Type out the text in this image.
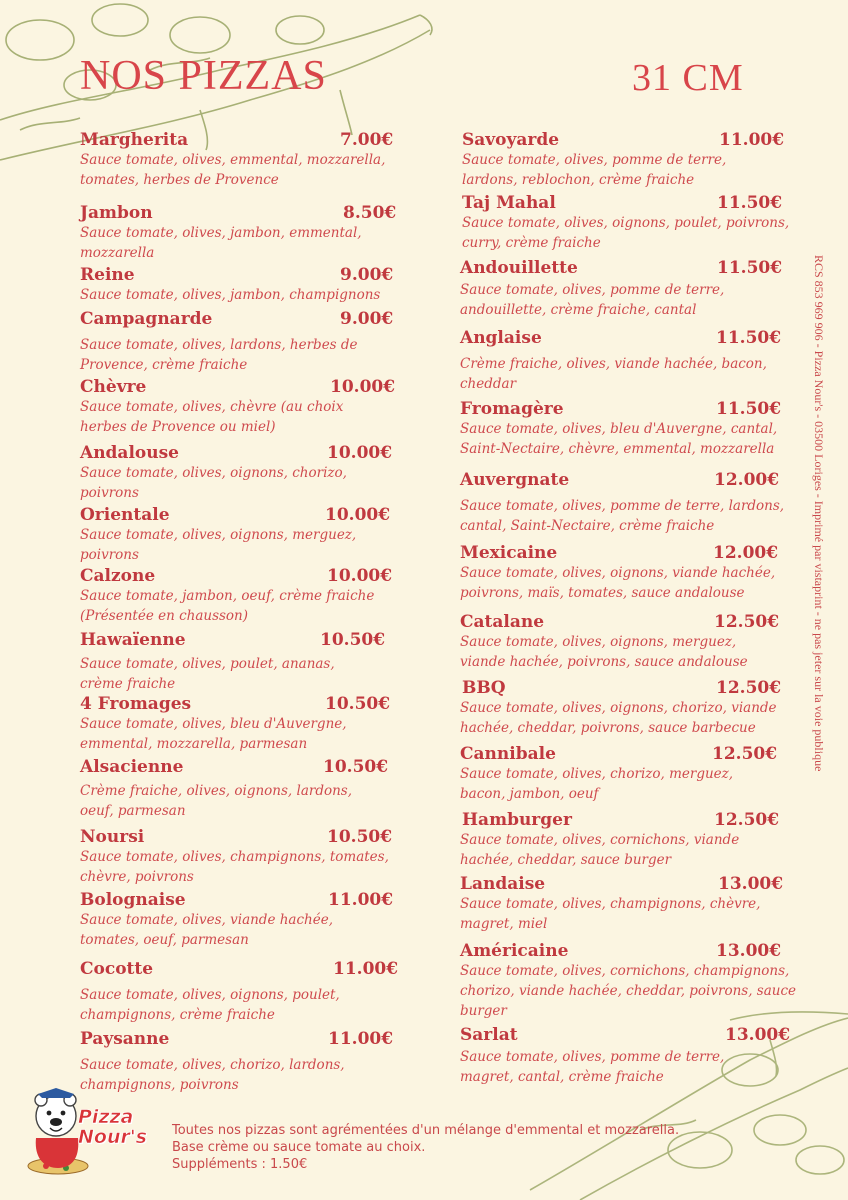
NOS PIZZAS	31 CM
Margherita	7.00€
Sauce tomate, olives, emmental, mozzarella, tomates, herbes de Provence
Jambon	8.50€
Sauce tomate, olives, jambon, emmental, mozzarella
Reine	9.00€
Sauce tomate, olives, jambon, champignons
Campagnarde	9.00€
Sauce tomate, olives, lardons, herbes de Provence, crème fraiche
Chèvre	10.00€
Sauce tomate, olives, chèvre (au choix herbes de Provence ou miel)
Andalouse	10.00€
Sauce tomate, olives, oignons, chorizo, poivrons
Orientale	10.00€
Sauce tomate, olives, oignons, merguez, poivrons
Calzone	10.00€
Sauce tomate, jambon, oeuf, crème fraiche (Présentée en chausson)
Hawaïenne	10.50€
Sauce tomate, olives, poulet, ananas, crème fraiche
4 Fromages	10.50€
Sauce tomate, olives, bleu d'Auvergne, emmental, mozzarella, parmesan
Alsacienne	10.50€
Crème fraiche, olives, oignons, lardons, oeuf, parmesan
Noursi	10.50€
Sauce tomate, olives, champignons, tomates, chèvre, poivrons
Bolognaise	11.00€
Sauce tomate, olives, viande hachée, tomates, oeuf, parmesan
Cocotte	11.00€
Sauce tomate, olives, oignons, poulet, champignons, crème fraiche
Paysanne	11.00€
Sauce tomate, olives, chorizo, lardons, champignons, poivrons
Savoyarde	11.00€
Sauce tomate, olives, pomme de terre, lardons, reblochon, crème fraiche
Taj Mahal	11.50€
Sauce tomate, olives, oignons, poulet, poivrons, curry, crème fraiche
Andouillette	11.50€
Sauce tomate, olives, pomme de terre, andouillette, crème fraiche, cantal
Anglaise	11.50€
Crème fraiche, olives, viande hachée, bacon, cheddar
Fromagère	11.50€
Sauce tomate, olives, bleu d'Auvergne, cantal, Saint-Nectaire, chèvre, emmental, mozzarella
Auvergnate	12.00€
Sauce tomate, olives, pomme de terre, lardons, cantal, Saint-Nectaire, crème fraiche
Mexicaine	12.00€
Sauce tomate, olives, oignons, viande hachée, poivrons, maïs, tomates, sauce andalouse
Catalane	12.50€
Sauce tomate, olives, oignons, merguez, viande hachée, poivrons, sauce andalouse
BBQ	12.50€
Sauce tomate, olives, oignons, chorizo, viande hachée, cheddar, poivrons, sauce barbecue
Cannibale	12.50€
Sauce tomate, olives, chorizo, merguez, bacon, jambon, oeuf
Hamburger	12.50€
Sauce tomate, olives, cornichons, viande hachée, cheddar, sauce burger
Landaise	13.00€
Sauce tomate, olives, champignons, chèvre, magret, miel
Américaine	13.00€
Sauce tomate, olives, cornichons, champignons, chorizo, viande hachée, cheddar, poivrons, sauce burger
Sarlat	13.00€
Sauce tomate, olives, pomme de terre, magret, cantal, crème fraiche
RCS 853 969 906 - Pizza Nour's - 03500 Loriges - Imprimé par vistaprint - ne pas jeter sur la voie publique
Pizza
Nour's Toutes nos pizzas sont agrémentées d'un mélange d'emmental et mozzarella.
Base crème ou sauce tomate au choix.
Suppléments : 1.50€
